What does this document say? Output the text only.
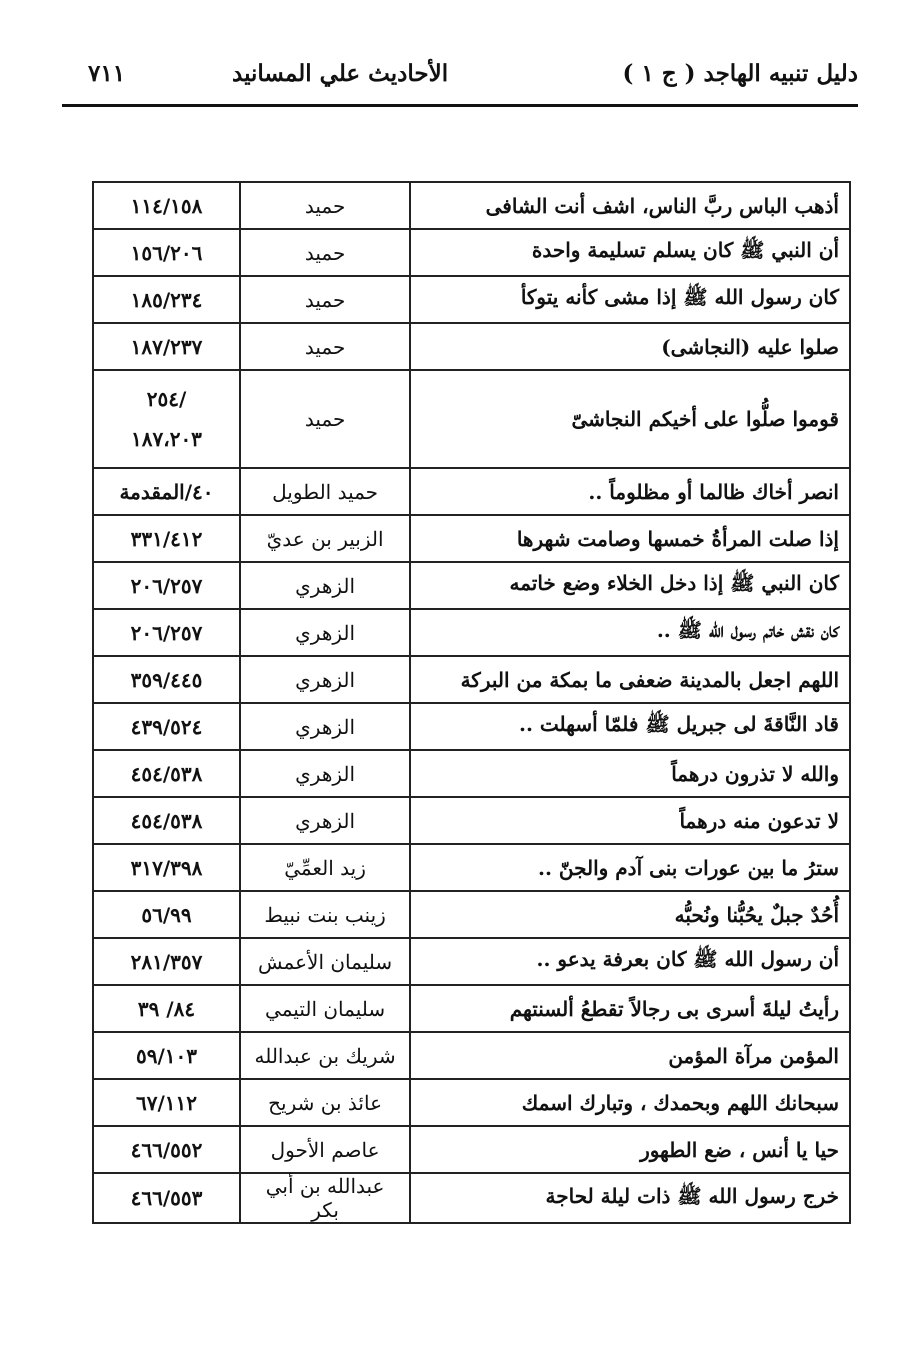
دليل تنبيه الهاجد ( ج ١ )
الأحاديث علي المسانيد
٧١١
أذهب الباس ربَّ الناس، اشف أنت الشافى	حميد	١١٤/١٥٨

أن النبي ﷺ كان يسلم تسليمة واحدة	حميد	١٥٦/٢٠٦

كان رسول الله ﷺ إذا مشى كأنه يتوكأ	حميد	١٨٥/٢٣٤

صلوا عليه (النجاشى)	حميد	١٨٧/٢٣٧

قوموا صلُّوا على أخيكم النجاشىّ	حميد	/٢٥٤
١٨٧،٢٠٣

انصر أخاك ظالما أو مظلوماً ..	حميد الطويل	٤٠/المقدمة

إذا صلت المرأةُ خمسها وصامت شهرها	الزبير بن عديّ	٣٣١/٤١٢

كان النبي ﷺ إذا دخل الخلاء وضع خاتمه	الزهري	٢٠٦/٢٥٧

كان نقش خاتم رسول الله ﷺ ..	الزهري	٢٠٦/٢٥٧

اللهم اجعل بالمدينة ضعفى ما بمكة من البركة	الزهري	٣٥٩/٤٤٥

قاد النَّاقةَ لى جبريل ﷺ فلمّا أسهلت ..	الزهري	٤٣٩/٥٢٤

والله لا تذرون درهماً	الزهري	٤٥٤/٥٣٨

لا تدعون منه درهماً	الزهري	٤٥٤/٥٣٨

سترُ ما بين عورات بنى آدم والجنّ ..	زيد العمِّيّ	٣١٧/٣٩٨

أُحُدٌ جبلٌ يحُبُّنا ونُحبُّه	زينب بنت نبيط	٥٦/٩٩

أن رسول الله ﷺ كان بعرفة يدعو ..	سليمان الأعمش	٢٨١/٣٥٧

رأيتُ ليلةَ أسرى بى رجالاً تقطعُ ألسنتهم	سليمان التيمي	٨٤/ ٣٩

المؤمن مرآة المؤمن	شريك بن عبدالله	٥٩/١٠٣

سبحانك اللهم وبحمدك ، وتبارك اسمك	عائذ بن شريح	٦٧/١١٢

حيا يا أنس ، ضع الطهور	عاصم الأحول	٤٦٦/٥٥٢

خرج رسول الله ﷺ ذات ليلة لحاجة	عبدالله بن أبي بكر	٤٦٦/٥٥٣
